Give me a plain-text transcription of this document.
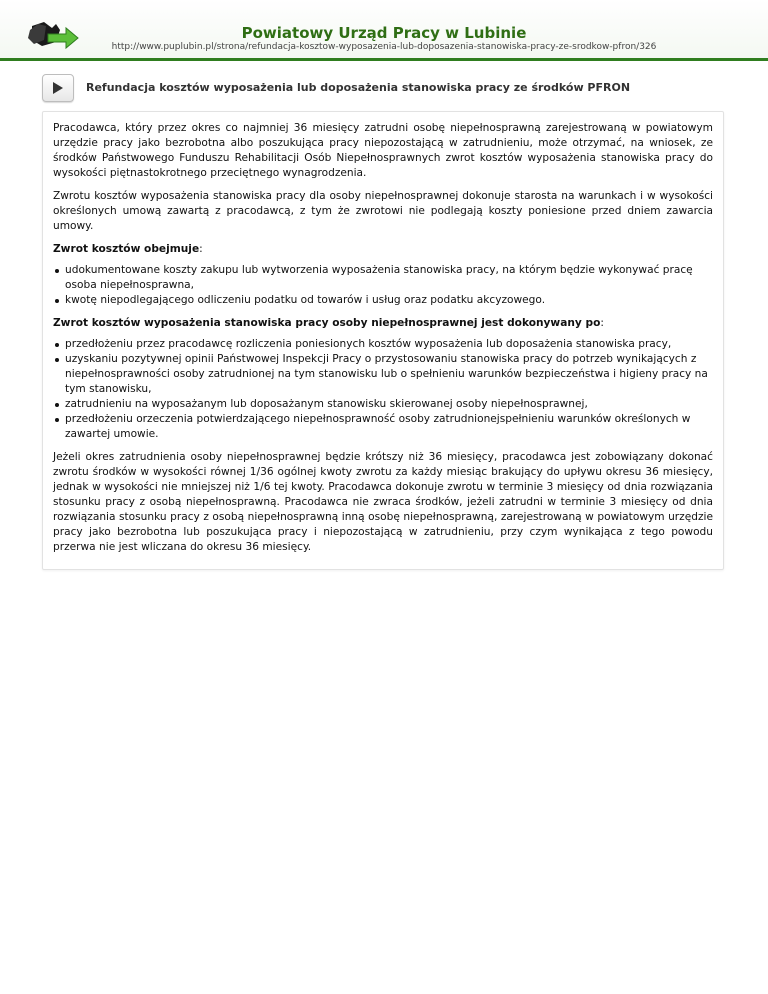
Powiatowy Urząd Pracy w Lubinie
http://www.puplubin.pl/strona/refundacja-kosztow-wyposazenia-lub-doposazenia-stanowiska-pracy-ze-srodkow-pfron/326
Refundacja kosztów wyposażenia lub doposażenia stanowiska pracy ze środków PFRON

Pracodawca, który przez okres co najmniej 36 miesięcy zatrudni osobę niepełnosprawną zarejestrowaną w powiatowym urzędzie pracy jako bezrobotna albo poszukująca pracy niepozostającą w zatrudnieniu, może otrzymać, na wniosek, ze środków Państwowego Funduszu Rehabilitacji Osób Niepełnosprawnych zwrot kosztów wyposażenia stanowiska pracy do wysokości piętnastokrotnego przeciętnego wynagrodzenia.

Zwrotu kosztów wyposażenia stanowiska pracy dla osoby niepełnosprawnej dokonuje starosta na warunkach i w wysokości określonych umową zawartą z pracodawcą, z tym że zwrotowi nie podlegają koszty poniesione przed dniem zawarcia umowy.

Zwrot kosztów obejmuje:

udokumentowane koszty zakupu lub wytworzenia wyposażenia stanowiska pracy, na którym będzie wykonywać pracę osoba niepełnosprawna,
kwotę niepodlegającego odliczeniu podatku od towarów i usług oraz podatku akcyzowego.

Zwrot kosztów wyposażenia stanowiska pracy osoby niepełnosprawnej jest dokonywany po:

przedłożeniu przez pracodawcę rozliczenia poniesionych kosztów wyposażenia lub doposażenia stanowiska pracy,
uzyskaniu pozytywnej opinii Państwowej Inspekcji Pracy o przystosowaniu stanowiska pracy do potrzeb wynikających z niepełnosprawności osoby zatrudnionej na tym stanowisku lub o spełnieniu warunków bezpieczeństwa i higieny pracy na tym stanowisku,
zatrudnieniu na wyposażanym lub doposażanym stanowisku skierowanej osoby niepełnosprawnej,
przedłożeniu orzeczenia potwierdzającego niepełnosprawność osoby zatrudnionejspełnieniu warunków określonych w zawartej umowie.

Jeżeli okres zatrudnienia osoby niepełnosprawnej będzie krótszy niż 36 miesięcy, pracodawca jest zobowiązany dokonać zwrotu środków w wysokości równej 1/36 ogólnej kwoty zwrotu za każdy miesiąc brakujący do upływu okresu 36 miesięcy, jednak w wysokości nie mniejszej niż 1/6 tej kwoty. Pracodawca dokonuje zwrotu w terminie 3 miesięcy od dnia rozwiązania stosunku pracy z osobą niepełnosprawną. Pracodawca nie zwraca środków, jeżeli zatrudni w terminie 3 miesięcy od dnia rozwiązania stosunku pracy z osobą niepełnosprawną inną osobę niepełnosprawną, zarejestrowaną w powiatowym urzędzie pracy jako bezrobotna lub poszukująca pracy i niepozostającą w zatrudnieniu, przy czym wynikająca z tego powodu przerwa nie jest wliczana do okresu 36 miesięcy.
